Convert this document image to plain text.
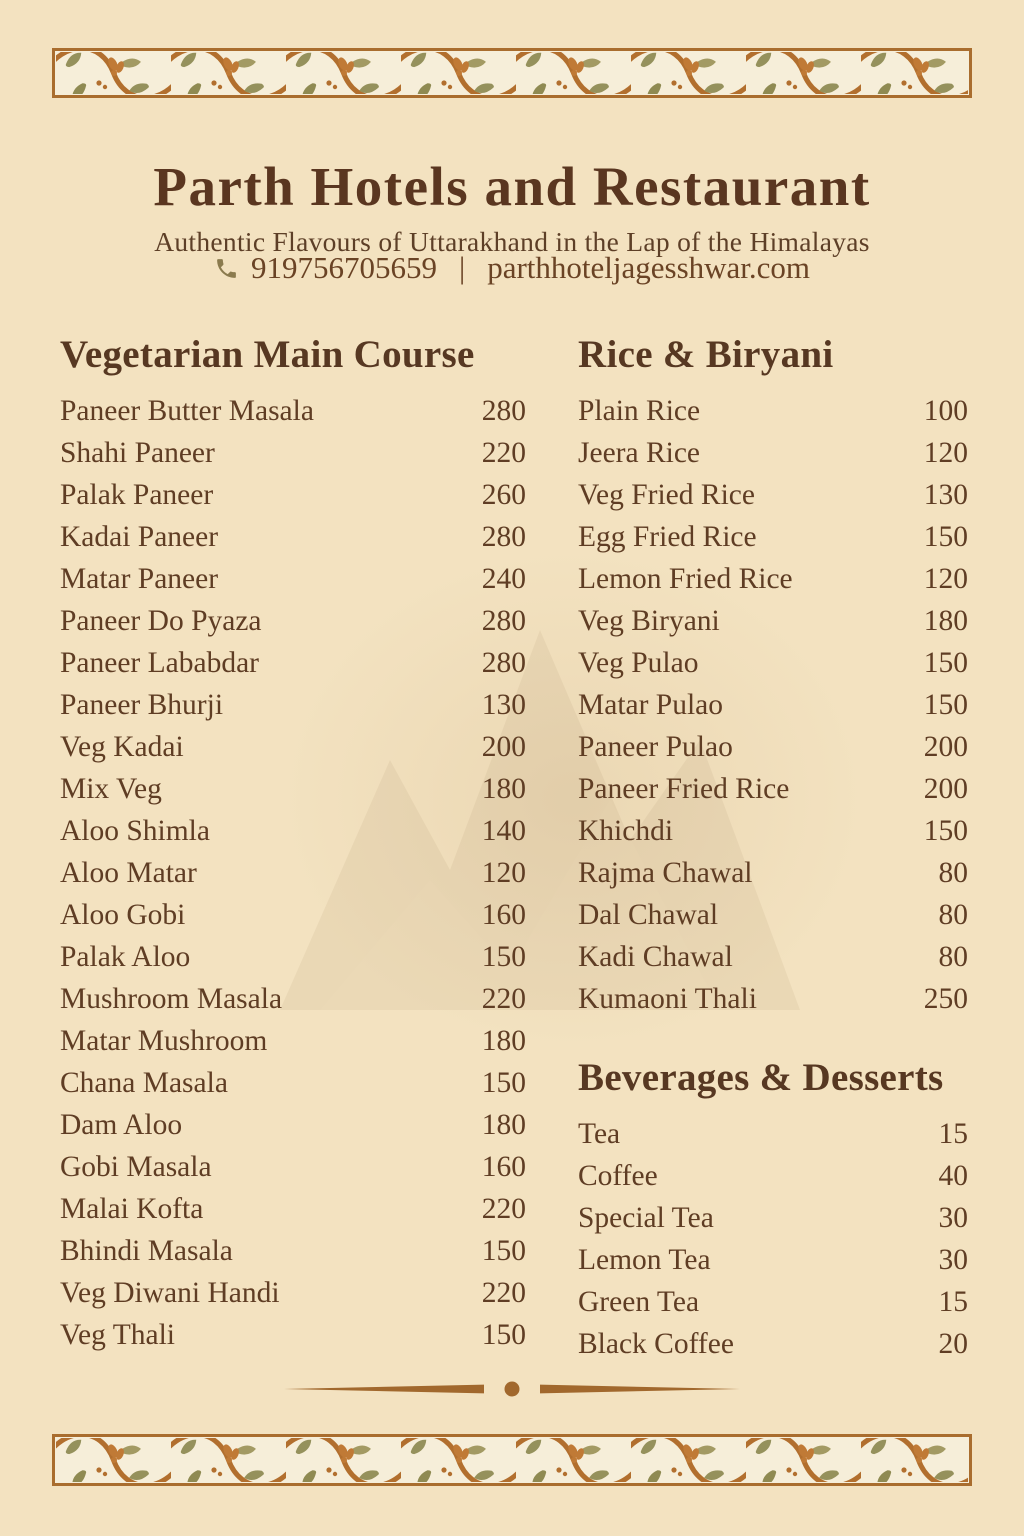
Parth Hotels and Restaurant

Authentic Flavours of Uttarakhand in the Lap of the Himalayas

919756705659 | parthhoteljagesshwar.com
Vegetarian Main Course
Paneer Butter Masala	280
Shahi Paneer	220
Palak Paneer	260
Kadai Paneer	280
Matar Paneer	240
Paneer Do Pyaza	280
Paneer Lababdar	280
Paneer Bhurji	130
Veg Kadai	200
Mix Veg	180
Aloo Shimla	140
Aloo Matar	120
Aloo Gobi	160
Palak Aloo	150
Mushroom Masala	220
Matar Mushroom	180
Chana Masala	150
Dam Aloo	180
Gobi Masala	160
Malai Kofta	220
Bhindi Masala	150
Veg Diwani Handi	220
Veg Thali	150
Rice & Biryani
Plain Rice	100
Jeera Rice	120
Veg Fried Rice	130
Egg Fried Rice	150
Lemon Fried Rice	120
Veg Biryani	180
Veg Pulao	150
Matar Pulao	150
Paneer Pulao	200
Paneer Fried Rice	200
Khichdi	150
Rajma Chawal	80
Dal Chawal	80
Kadi Chawal	80
Kumaoni Thali	250
Beverages & Desserts
Tea	15
Coffee	40
Special Tea	30
Lemon Tea	30
Green Tea	15
Black Coffee	20
